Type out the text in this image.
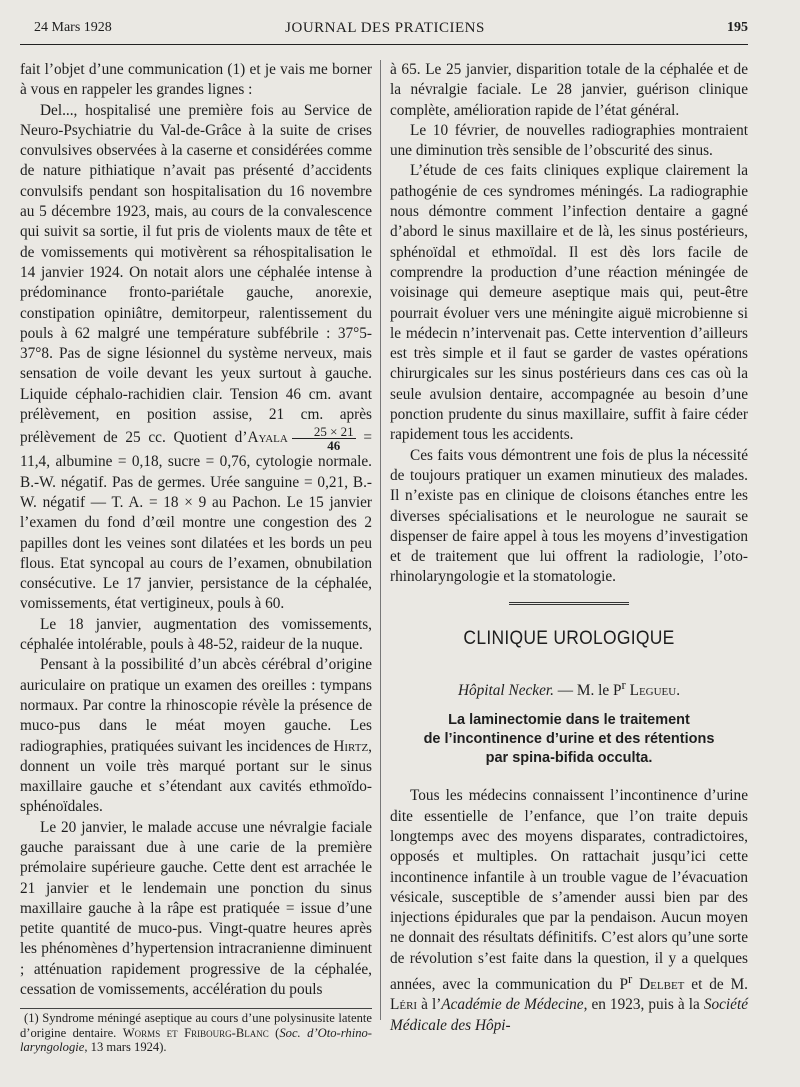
24 Mars 1928	JOURNAL DES PRATICIENS	195

fait l’objet d’une communication (1) et je vais me borner à vous en rappeler les grandes lignes :

Del..., hospitalisé une première fois au Service de Neuro-Psychiatrie du Val-de-Grâce à la suite de crises convulsives observées à la caserne et considérées comme de nature pithiatique n’avait pas présenté d’accidents convulsifs pendant son hospitalisation du 16 novembre au 5 décembre 1923, mais, au cours de la convalescence qui suivit sa sortie, il fut pris de violents maux de tête et de vomissements qui motivèrent sa réhospitalisation le 14 janvier 1924. On notait alors une céphalée intense à prédominance fronto-pariétale gauche, anorexie, constipation opiniâtre, demitorpeur, ralentissement du pouls à 62 malgré une température subfébrile : 37°5-37°8. Pas de signe lésionnel du système nerveux, mais sensation de voile devant les yeux surtout à gauche. Liquide céphalo-rachidien clair. Tension 46 cm. avant prélèvement, en position assise, 21 cm. après prélèvement de 25 cc. Quotient d’Ayala $\frac{25 \times 21}{46} = 11,4$, albumine = 0,18, sucre = 0,76, cytologie normale. B.-W. négatif. Pas de germes. Urée sanguine = 0,21, B.-W. négatif — T. A. = 18 × 9 au Pachon. Le 15 janvier l’examen du fond d’œil montre une congestion des 2 papilles dont les veines sont dilatées et les bords un peu flous. Etat syncopal au cours de l’examen, obnubilation consécutive. Le 17 janvier, persistance de la céphalée, vomissements, état vertigineux, pouls à 60.

Le 18 janvier, augmentation des vomissements, céphalée intolérable, pouls à 48-52, raideur de la nuque.

Pensant à la possibilité d’un abcès cérébral d’origine auriculaire on pratique un examen des oreilles : tympans normaux. Par contre la rhinoscopie révèle la présence de muco-pus dans le méat moyen gauche. Les radiographies, pratiquées suivant les incidences de Hirtz, donnent un voile très marqué portant sur le sinus maxillaire gauche et s’étendant aux cavités ethmoïdo-sphénoïdales.

Le 20 janvier, le malade accuse une névralgie faciale gauche paraissant due à une carie de la première prémolaire supérieure gauche. Cette dent est arrachée le 21 janvier et le lendemain une ponction du sinus maxillaire gauche à la râpe est pratiquée = issue d’une petite quantité de muco-pus. Vingt-quatre heures après les phénomènes d’hypertension intracranienne diminuent ; atténuation rapidement progressive de la céphalée, cessation de vomissements, accélération du pouls

(1) Syndrome méningé aseptique au cours d’une polysinusite latente d’origine dentaire. Worms et Fribourg-Blanc (Soc. d’Oto-rhino-laryngologie, 13 mars 1924).

à 65. Le 25 janvier, disparition totale de la céphalée et de la névralgie faciale. Le 28 janvier, guérison clinique complète, amélioration rapide de l’état général.

Le 10 février, de nouvelles radiographies montraient une diminution très sensible de l’obscurité des sinus.

L’étude de ces faits cliniques explique clairement la pathogénie de ces syndromes méningés. La radiographie nous démontre comment l’infection dentaire a gagné d’abord le sinus maxillaire et de là, les sinus postérieurs, sphénoïdal et ethmoïdal. Il est dès lors facile de comprendre la production d’une réaction méningée de voisinage qui demeure aseptique mais qui, peut-être pourrait évoluer vers une méningite aiguë microbienne si le médecin n’intervenait pas. Cette intervention d’ailleurs est très simple et il faut se garder de vastes opérations chirurgicales sur les sinus postérieurs dans ces cas où la seule avulsion dentaire, accompagnée au besoin d’une ponction prudente du sinus maxillaire, suffit à faire céder rapidement tous les accidents.

Ces faits vous démontrent une fois de plus la nécessité de toujours pratiquer un examen minutieux des malades. Il n’existe pas en clinique de cloisons étanches entre les diverses spécialisations et le neurologue ne saurait se dispenser de faire appel à tous les moyens d’investigation et de traitement que lui offrent la radiologie, l’oto-rhinolaryngologie et la stomatologie.

CLINIQUE UROLOGIQUE
Hôpital Necker. — M. le $P^r$ Legueu.
La laminectomie dans le traitement
de l’incontinence d’urine et des rétentions
par spina-bifida occulta.

Tous les médecins connaissent l’incontinence d’urine dite essentielle de l’enfance, que l’on traite depuis longtemps avec des moyens disparates, contradictoires, opposés et multiples. On rattachait jusqu’ici cette incontinence infantile à un trouble vague de l’évacuation vésicale, susceptible de s’amender aussi bien par des injections épidurales que par la pendaison. Aucun moyen ne donnait des résultats définitifs. C’est alors qu’une sorte de révolution s’est faite dans la question, il y a quelques années, avec la communication du $P^r$ Delbet et de M. Léri à l’Académie de Médecine, en 1923, puis à la Société Médicale des Hôpi-
